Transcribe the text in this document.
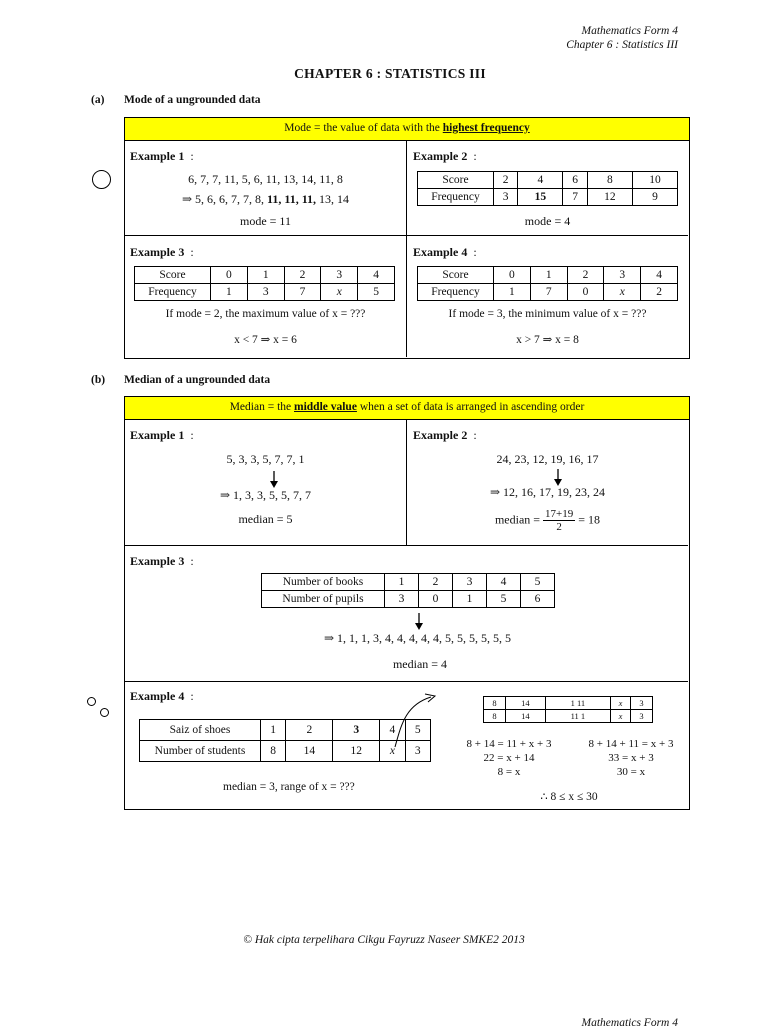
Mathematics Form 4
Chapter 6 : Statistics III
CHAPTER 6 : STATISTICS III
(a) Mode of a ungrounded data
Mode = the value of data with the highest frequency
Example 1 :
6, 7, 7, 11, 5, 6, 11, 13, 14, 11, 8
⇒ 5, 6, 6, 7, 7, 8, 11, 11, 11, 13, 14
mode = 11
Example 2 :
Score	2	4	6	8	10
Frequency	3	15	7	12	9
mode = 4
Example 3 :
Score	0	1	2	3	4
Frequency	1	3	7	x	5
If mode = 2, the maximum value of x = ???
x < 7 ⇒ x = 6
Example 4 :
Score	0	1	2	3	4
Frequency	1	7	0	x	2
If mode = 3, the minimum value of x = ???
x > 7 ⇒ x = 8
(b) Median of a ungrounded data
Median = the middle value when a set of data is arranged in ascending order
Example 1 :
5, 3, 3, 5, 7, 7, 1
⇒ 1, 3, 3, 5, 5, 7, 7
median = 5
Example 2 :
24, 23, 12, 19, 16, 17
⇒ 12, 16, 17, 19, 23, 24
median = $\frac{17+19}{2} = 18$
Example 3 :
Number of books	1	2	3	4	5
Number of pupils	3	0	1	5	6
⇒ 1, 1, 1, 3, 4, 4, 4, 4, 4, 5, 5, 5, 5, 5, 5
median = 4
Example 4 :
Saiz of shoes	1	2	3	4	5
Number of students	8	14	12	x	3
median = 3, range of x = ???
8	14	1 11	x	3
8	14	11 1	x	3
8 + 14 = 11 + x + 3
22 = x + 14
8 = x
8 + 14 + 11 = x + 3
33 = x + 3
30 = x
∴ 8 ≤ x ≤ 30
© Hak cipta terpelihara Cikgu Fayruzz Naseer SMKE2 2013
Mathematics Form 4
